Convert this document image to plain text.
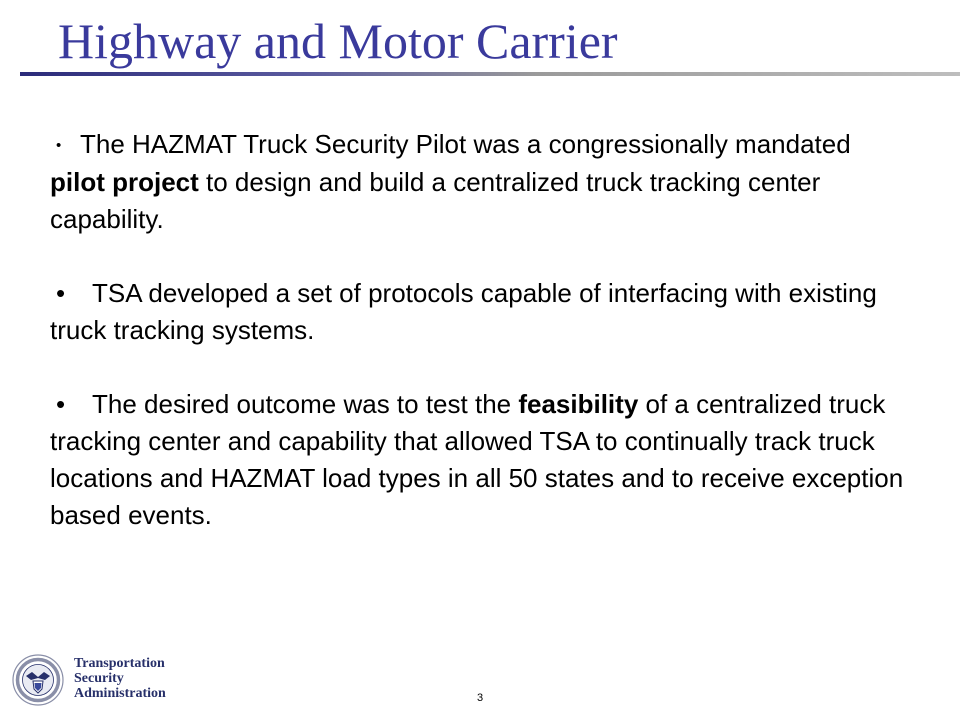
Highway and Motor Carrier

• The HAZMAT Truck Security Pilot was a congressionally mandated pilot project to design and build a centralized truck tracking center capability.

• TSA developed a set of protocols capable of interfacing with existing truck tracking systems.

• The desired outcome was to test the feasibility of a centralized truck tracking center and capability that allowed TSA to continually track truck locations and HAZMAT load types in all 50 states and to receive exception based events.

Transportation
Security
Administration	3
